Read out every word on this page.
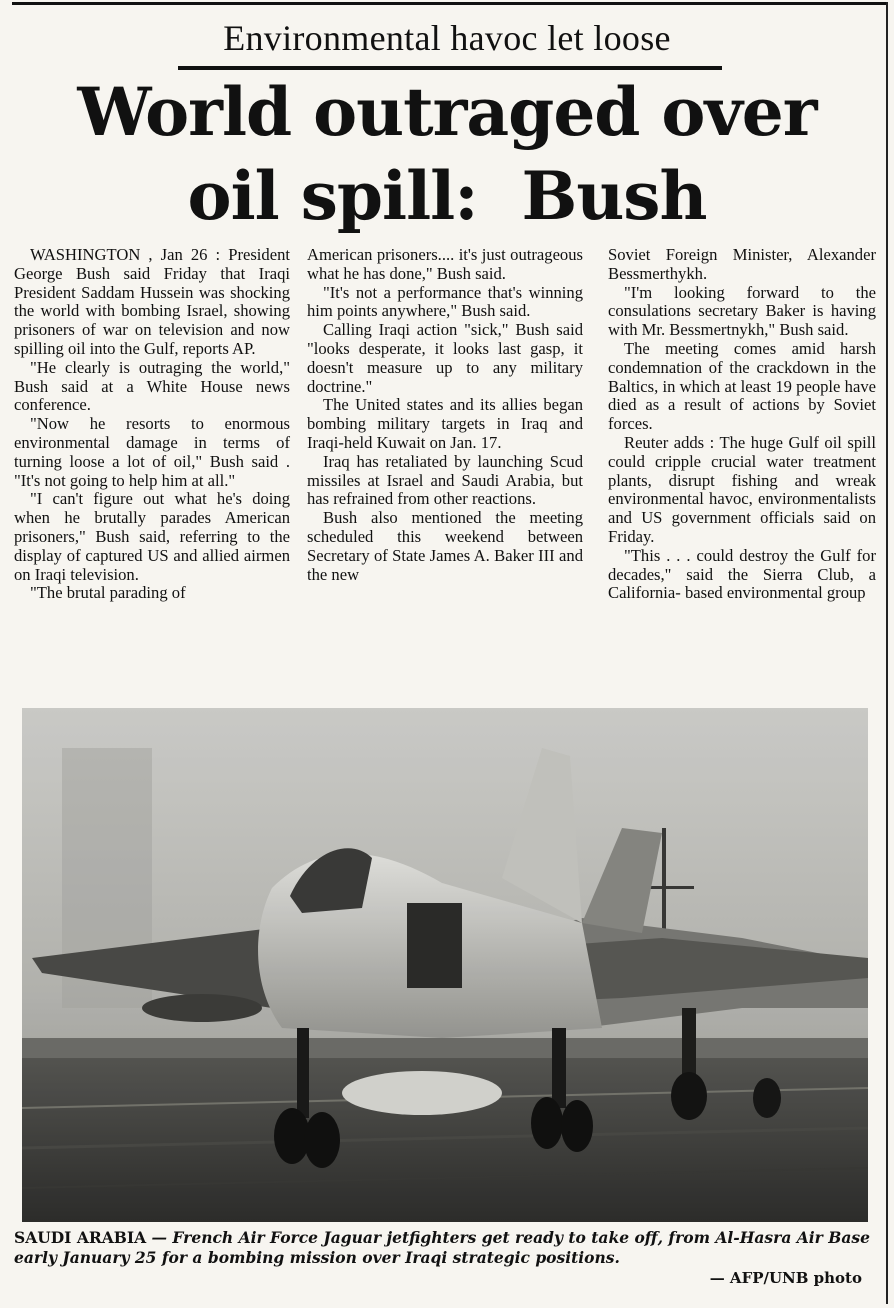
Environmental havoc let loose
World outraged over
oil spill:  Bush

WASHINGTON , Jan 26 : President George Bush said Friday that Iraqi President Saddam Hussein was shocking the world with bombing Israel, showing prisoners of war on television and now spilling oil into the Gulf, reports AP.

"He clearly is outraging the world," Bush said at a White House news conference.

"Now he resorts to enormous environmental damage in terms of turning loose a lot of oil," Bush said . "It's not going to help him at all."

"I can't figure out what he's doing when he brutally parades American prisoners," Bush said, referring to the display of captured US and allied airmen on Iraqi television.

"The brutal parading of

American prisoners.... it's just outrageous what he has done," Bush said.

"It's not a performance that's winning him points anywhere," Bush said.

Calling Iraqi action "sick," Bush said "looks desperate, it looks last gasp, it doesn't measure up to any military doctrine."

The United states and its allies began bombing military targets in Iraq and Iraqi-held Kuwait on Jan. 17.

Iraq has retaliated by launching Scud missiles at Israel and Saudi Arabia, but has refrained from other reactions.

Bush also mentioned the meeting scheduled this weekend between Secretary of State James A. Baker III and the new

Soviet Foreign Minister, Alexander Bessmerthykh.

"I'm looking forward to the consulations secretary Baker is having with Mr. Bessmertnykh," Bush said.

The meeting comes amid harsh condemnation of the crackdown in the Baltics, in which at least 19 people have died as a result of actions by Soviet forces.

Reuter adds : The huge Gulf oil spill could cripple crucial water treatment plants, disrupt fishing and wreak environmental havoc, environmentalists and US government officials said on Friday.

"This . . . could destroy the Gulf for decades," said the Sierra Club, a California- based environmental group

SAUDI ARABIA — French Air Force Jaguar jetfighters get ready to take off, from Al-Hasra Air Base early January 25 for a bombing mission over Iraqi strategic positions.
— AFP/UNB photo
